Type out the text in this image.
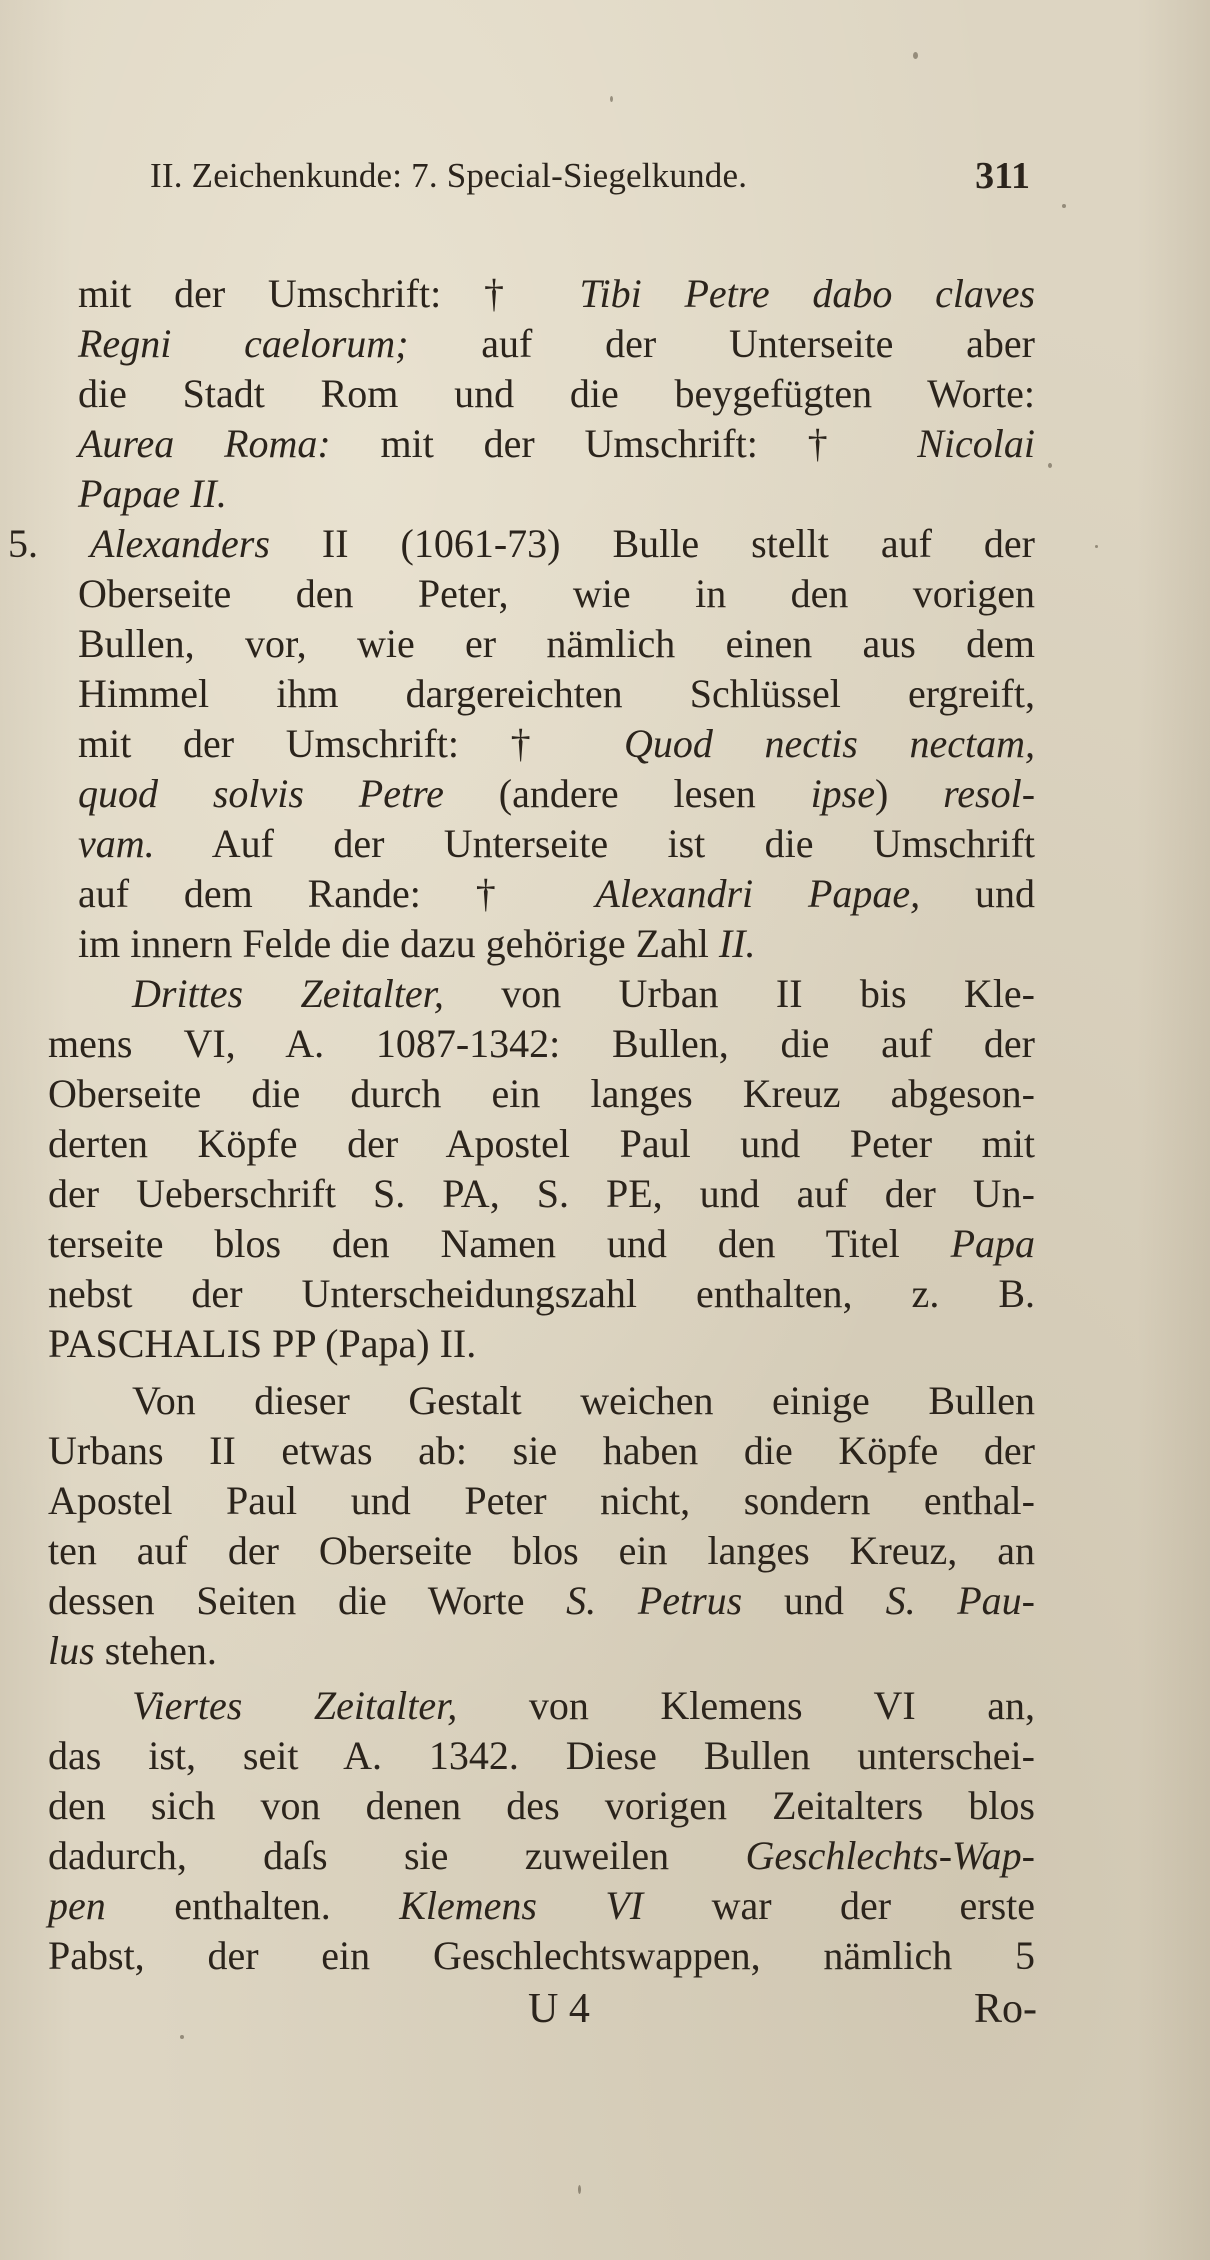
II. Zeichenkunde: 7. Special-Siegelkunde.	311
mit der Umschrift: † Tibi Petre dabo claves
Regni caelorum; auf der Unterseite aber
die Stadt Rom und die beygefügten Worte:
Aurea Roma: mit der Umschrift: † Nicolai
Papae II.
5. Alexanders II (1061-73) Bulle stellt auf der
Oberseite den Peter, wie in den vorigen
Bullen, vor, wie er nämlich einen aus dem
Himmel ihm dargereichten Schlüssel ergreift,
mit der Umschrift: † Quod nectis nectam,
quod solvis Petre (andere lesen ipse) resol-
vam. Auf der Unterseite ist die Umschrift
auf dem Rande: † Alexandri Papae, und
im innern Felde die dazu gehörige Zahl II.
Drittes Zeitalter, von Urban II bis Kle-
mens VI, A. 1087-1342: Bullen, die auf der
Oberseite die durch ein langes Kreuz abgeson-
derten Köpfe der Apostel Paul und Peter mit
der Ueberschrift S. PA, S. PE, und auf der Un-
terseite blos den Namen und den Titel Papa
nebst der Unterscheidungszahl enthalten, z. B.
PASCHALIS PP (Papa) II.
Von dieser Gestalt weichen einige Bullen
Urbans II etwas ab: sie haben die Köpfe der
Apostel Paul und Peter nicht, sondern enthal-
ten auf der Oberseite blos ein langes Kreuz, an
dessen Seiten die Worte S. Petrus und S. Pau-
lus stehen.
Viertes Zeitalter, von Klemens VI an,
das ist, seit A. 1342. Diese Bullen unterschei-
den sich von denen des vorigen Zeitalters blos
dadurch, daſs sie zuweilen Geschlechts-Wap-
pen enthalten. Klemens VI war der erste
Pabst, der ein Geschlechtswappen, nämlich 5
U 4	Ro-
